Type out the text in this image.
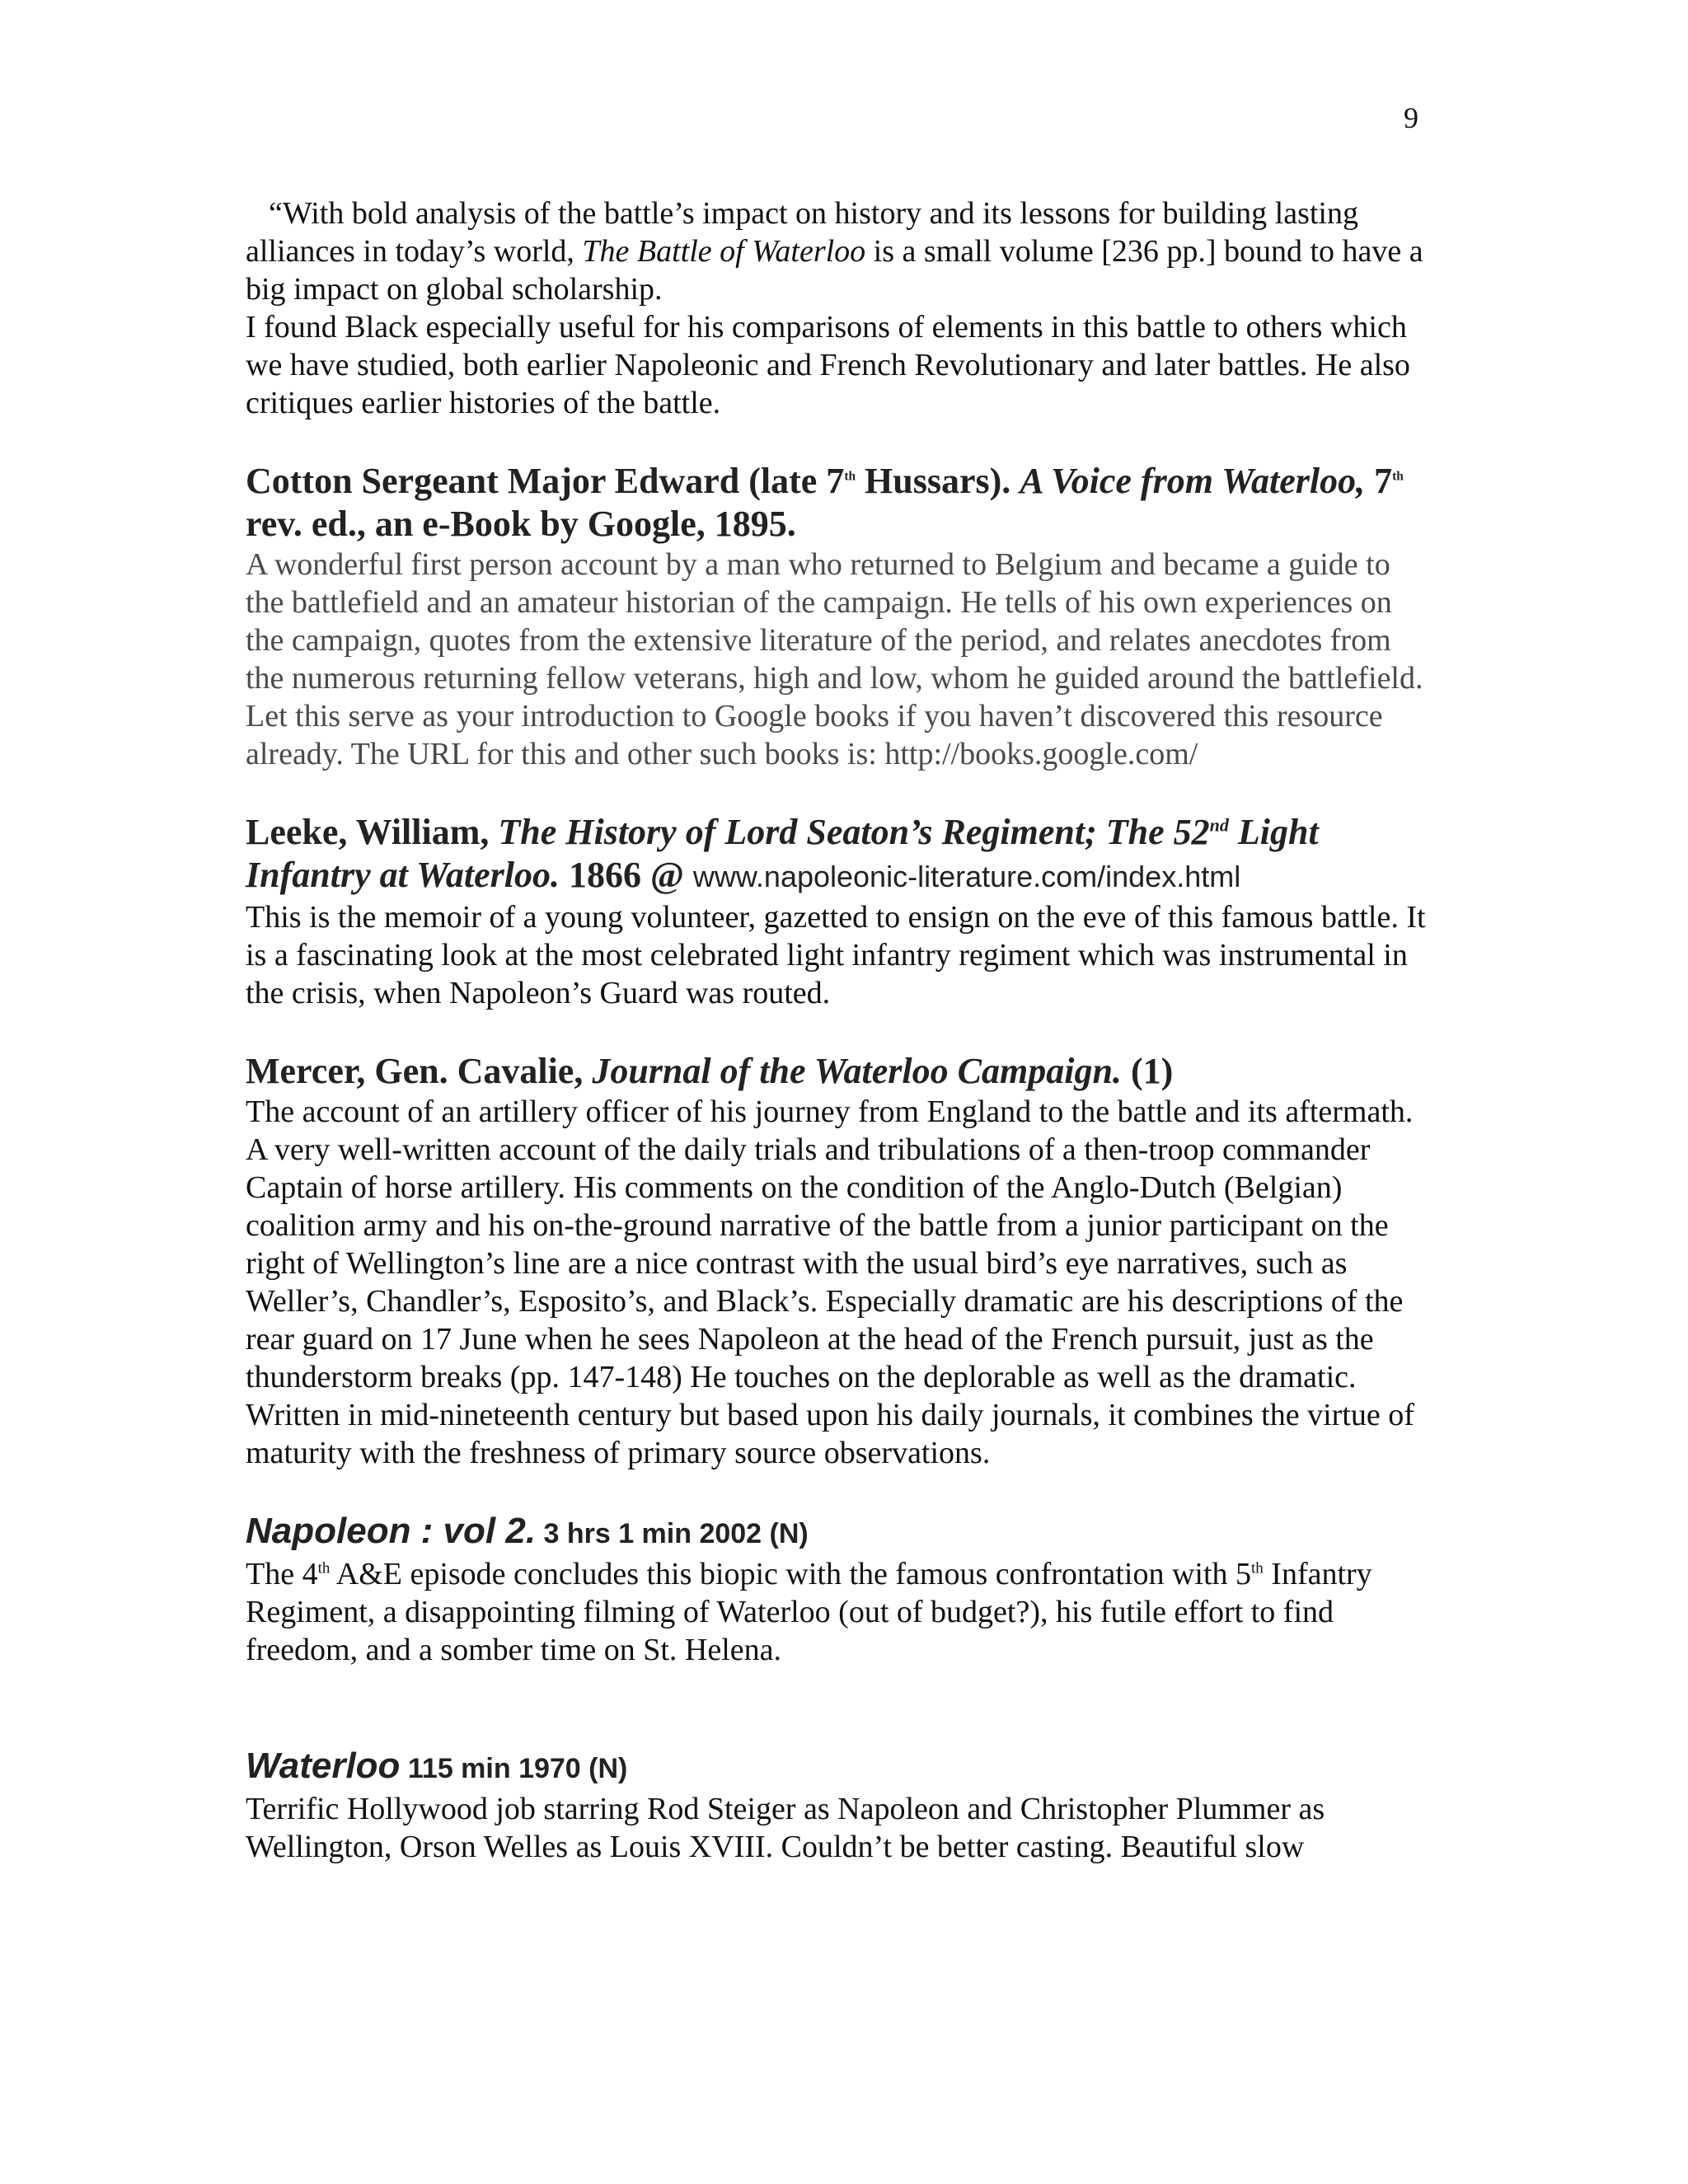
9

“With bold analysis of the battle’s impact on history and its lessons for building lasting alliances in today’s world, The Battle of Waterloo is a small volume [236 pp.] bound to have a big impact on global scholarship.

I found Black especially useful for his comparisons of elements in this battle to others which we have studied, both earlier Napoleonic and French Revolutionary and later battles. He also critiques earlier histories of the battle.

Cotton Sergeant Major Edward (late 7th Hussars). A Voice from Waterloo, 7th rev. ed., an e-Book by Google, 1895.

A wonderful first person account by a man who returned to Belgium and became a guide to the battlefield and an amateur historian of the campaign. He tells of his own experiences on the campaign, quotes from the extensive literature of the period, and relates anecdotes from the numerous returning fellow veterans, high and low, whom he guided around the battlefield. Let this serve as your introduction to Google books if you haven’t discovered this resource already. The URL for this and other such books is: http://books.google.com/

Leeke, William, The History of Lord Seaton’s Regiment; The 52nd Light Infantry at Waterloo. 1866 @ www.napoleonic-literature.com/index.html

This is the memoir of a young volunteer, gazetted to ensign on the eve of this famous battle. It is a fascinating look at the most celebrated light infantry regiment which was instrumental in the crisis, when Napoleon’s Guard was routed.

Mercer, Gen. Cavalie, Journal of the Waterloo Campaign. (1)

The account of an artillery officer of his journey from England to the battle and its aftermath. A very well-written account of the daily trials and tribulations of a then-troop commander Captain of horse artillery. His comments on the condition of the Anglo-Dutch (Belgian) coalition army and his on-the-ground narrative of the battle from a junior participant on the right of Wellington’s line are a nice contrast with the usual bird’s eye narratives, such as Weller’s, Chandler’s, Esposito’s, and Black’s. Especially dramatic are his descriptions of the rear guard on 17 June when he sees Napoleon at the head of the French pursuit, just as the thunderstorm breaks (pp. 147-148) He touches on the deplorable as well as the dramatic. Written in mid-nineteenth century but based upon his daily journals, it combines the virtue of maturity with the freshness of primary source observations.

Napoleon : vol 2. 3 hrs 1 min 2002 (N)

The 4th A&E episode concludes this biopic with the famous confrontation with 5th Infantry Regiment, a disappointing filming of Waterloo (out of budget?), his futile effort to find freedom, and a somber time on St. Helena.

Waterloo 115 min 1970 (N)

Terrific Hollywood job starring Rod Steiger as Napoleon and Christopher Plummer as Wellington, Orson Welles as Louis XVIII. Couldn’t be better casting. Beautiful slow
